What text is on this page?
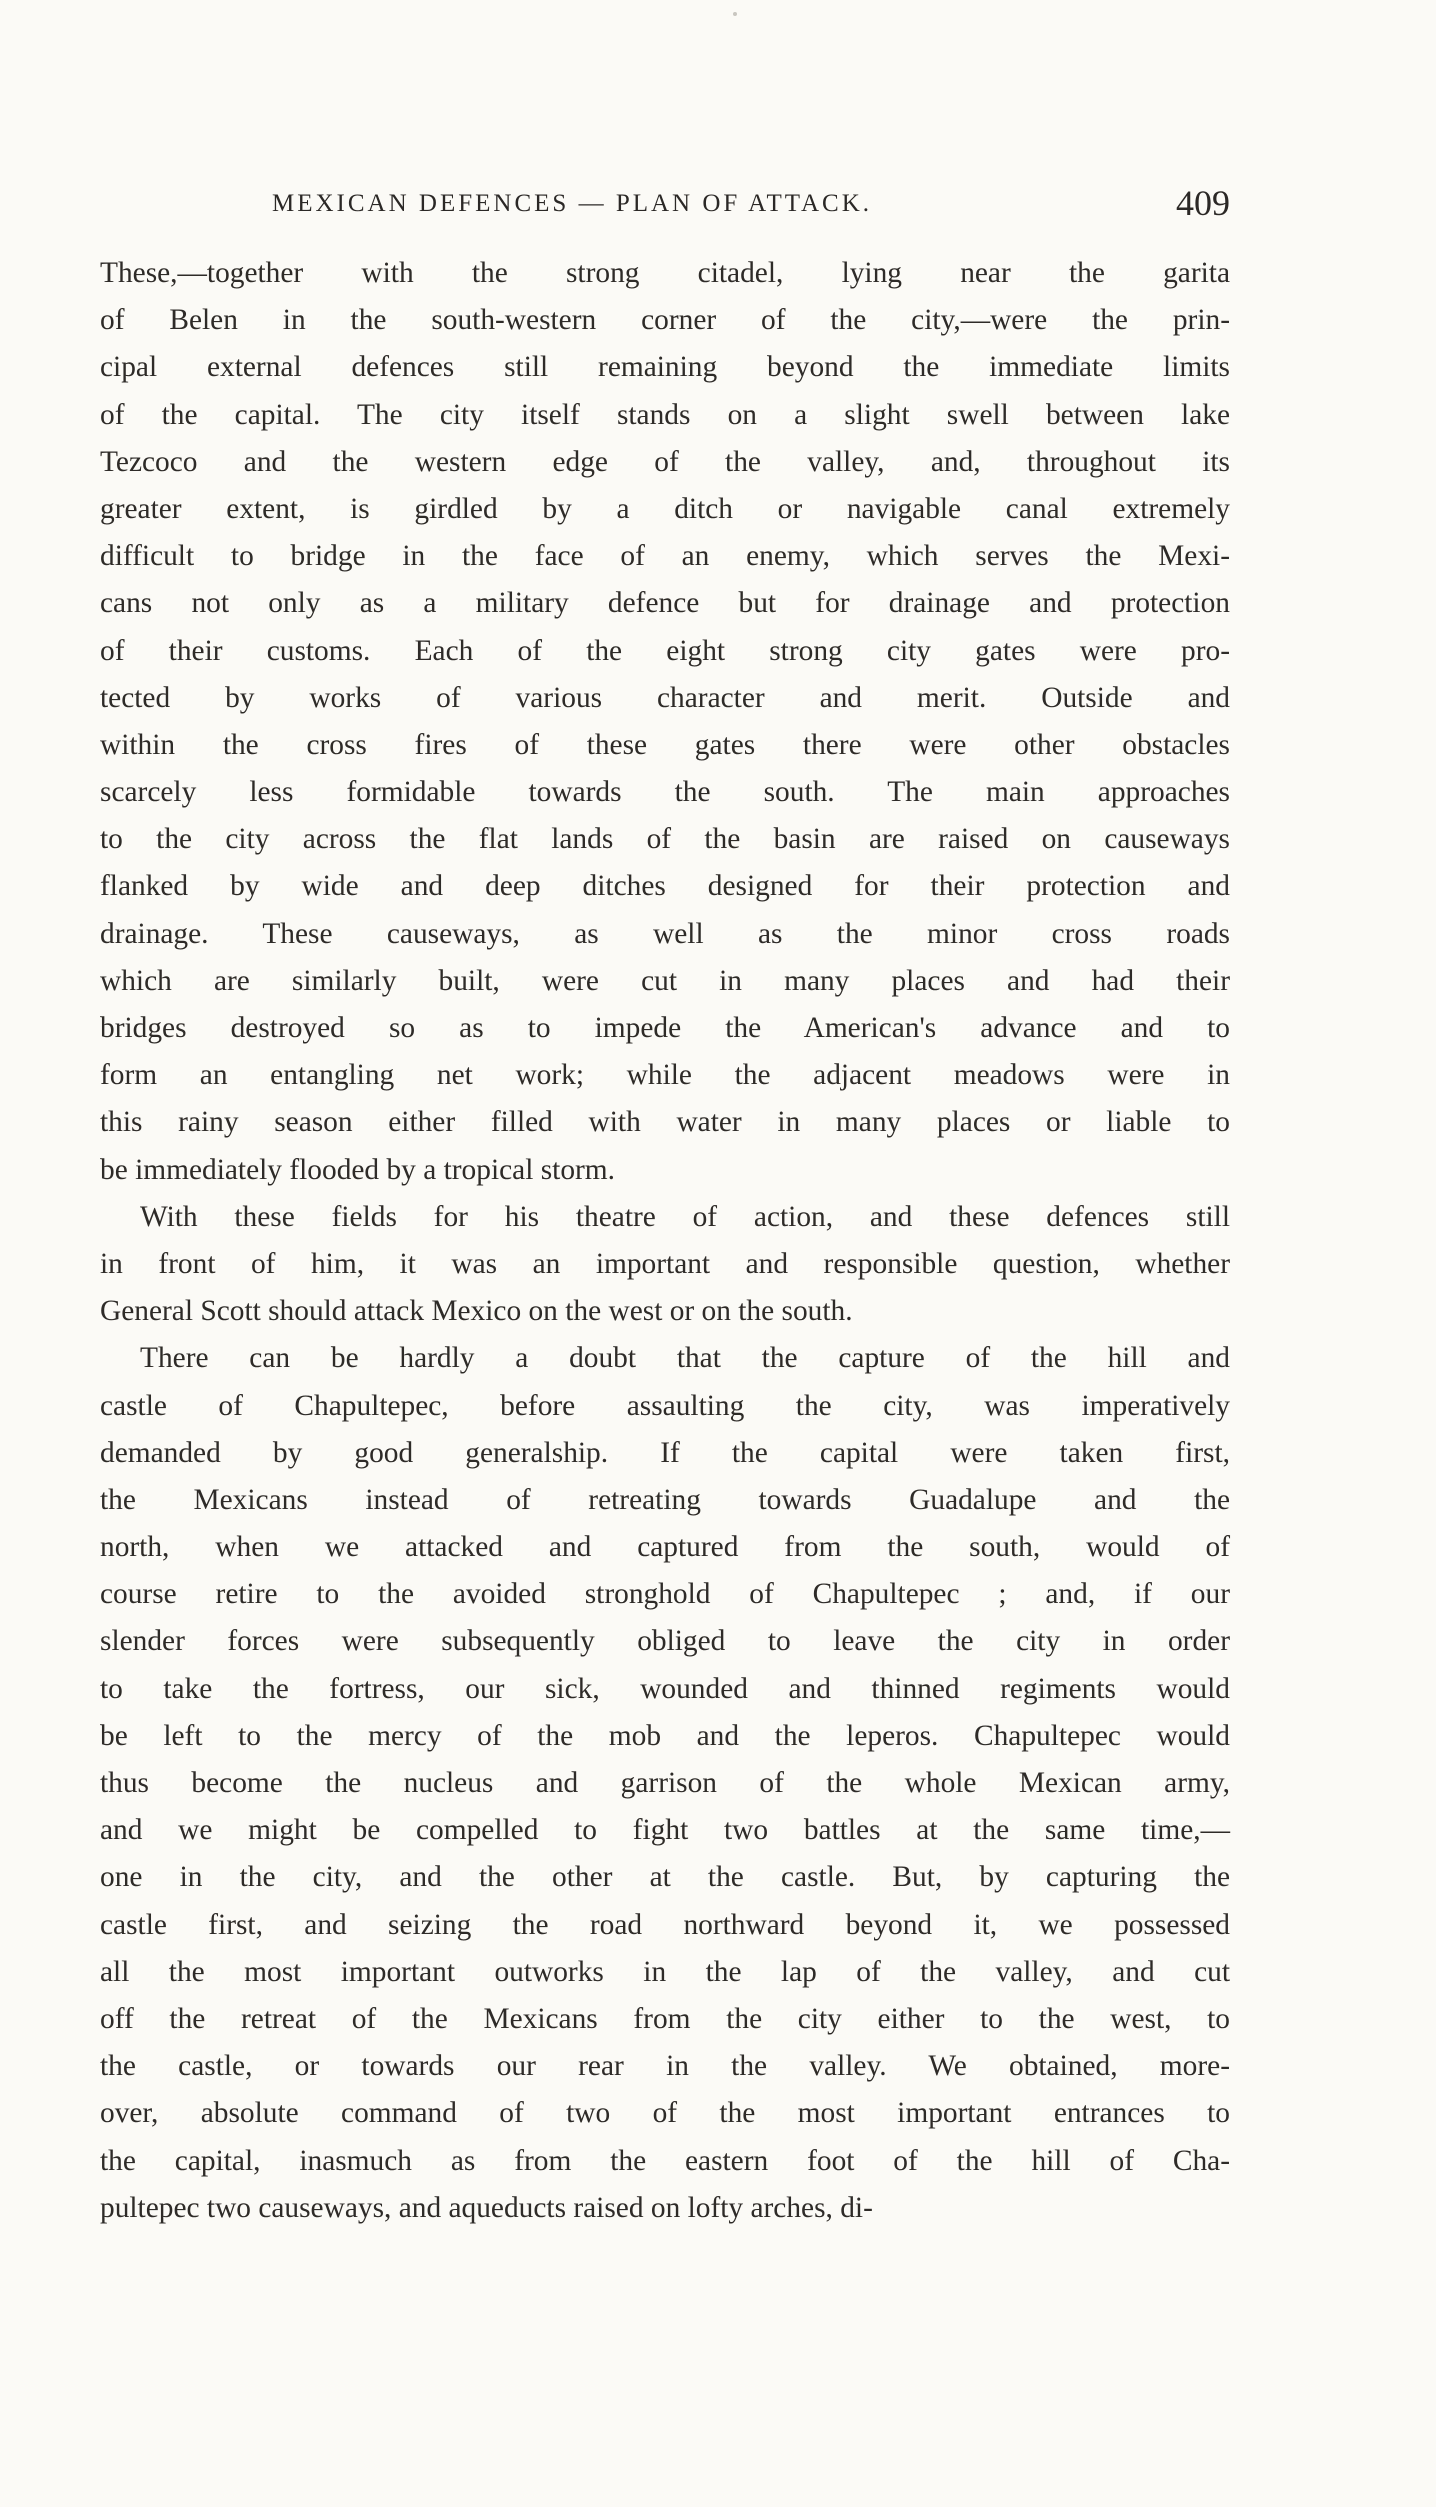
MEXICAN DEFENCES — PLAN OF ATTACK.	409
These,—together with the strong citadel, lying near the garita
of Belen in the south-western corner of the city,—were the prin-
cipal external defences still remaining beyond the immediate limits
of the capital. The city itself stands on a slight swell between lake
Tezcoco and the western edge of the valley, and, throughout its
greater extent, is girdled by a ditch or navigable canal extremely
difficult to bridge in the face of an enemy, which serves the Mexi-
cans not only as a military defence but for drainage and protection
of their customs. Each of the eight strong city gates were pro-
tected by works of various character and merit. Outside and
within the cross fires of these gates there were other obstacles
scarcely less formidable towards the south. The main approaches
to the city across the flat lands of the basin are raised on causeways
flanked by wide and deep ditches designed for their protection and
drainage. These causeways, as well as the minor cross roads
which are similarly built, were cut in many places and had their
bridges destroyed so as to impede the American's advance and to
form an entangling net work; while the adjacent meadows were in
this rainy season either filled with water in many places or liable to
be immediately flooded by a tropical storm.
With these fields for his theatre of action, and these defences still
in front of him, it was an important and responsible question, whether
General Scott should attack Mexico on the west or on the south.
There can be hardly a doubt that the capture of the hill and
castle of Chapultepec, before assaulting the city, was imperatively
demanded by good generalship. If the capital were taken first,
the Mexicans instead of retreating towards Guadalupe and the
north, when we attacked and captured from the south, would of
course retire to the avoided stronghold of Chapultepec ; and, if our
slender forces were subsequently obliged to leave the city in order
to take the fortress, our sick, wounded and thinned regiments would
be left to the mercy of the mob and the leperos. Chapultepec would
thus become the nucleus and garrison of the whole Mexican army,
and we might be compelled to fight two battles at the same time,—
one in the city, and the other at the castle. But, by capturing the
castle first, and seizing the road northward beyond it, we possessed
all the most important outworks in the lap of the valley, and cut
off the retreat of the Mexicans from the city either to the west, to
the castle, or towards our rear in the valley. We obtained, more-
over, absolute command of two of the most important entrances to
the capital, inasmuch as from the eastern foot of the hill of Cha-
pultepec two causeways, and aqueducts raised on lofty arches, di-
